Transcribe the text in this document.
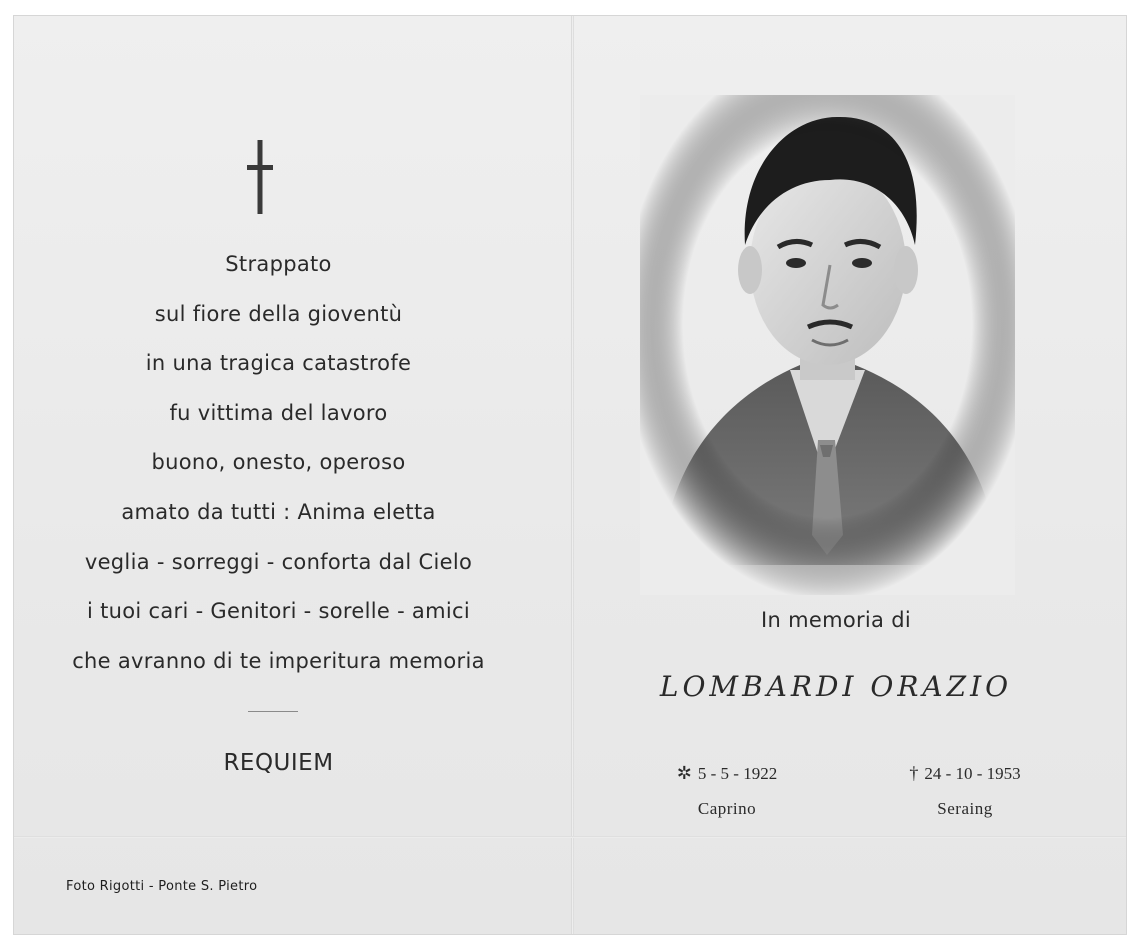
Strappato
sul fiore della gioventù
in una tragica catastrofe
fu vittima del lavoro
buono, onesto, operoso
amato da tutti : Anima eletta
veglia - sorreggi - conforta dal Cielo
i tuoi cari - Genitori - sorelle - amici
che avranno di te imperitura memoria
REQUIEM
Foto Rigotti - Ponte S. Pietro
In memoria di
LOMBARDI ORAZIO
✲ 5 - 5 - 1922
Caprino
† 24 - 10 - 1953
Seraing
